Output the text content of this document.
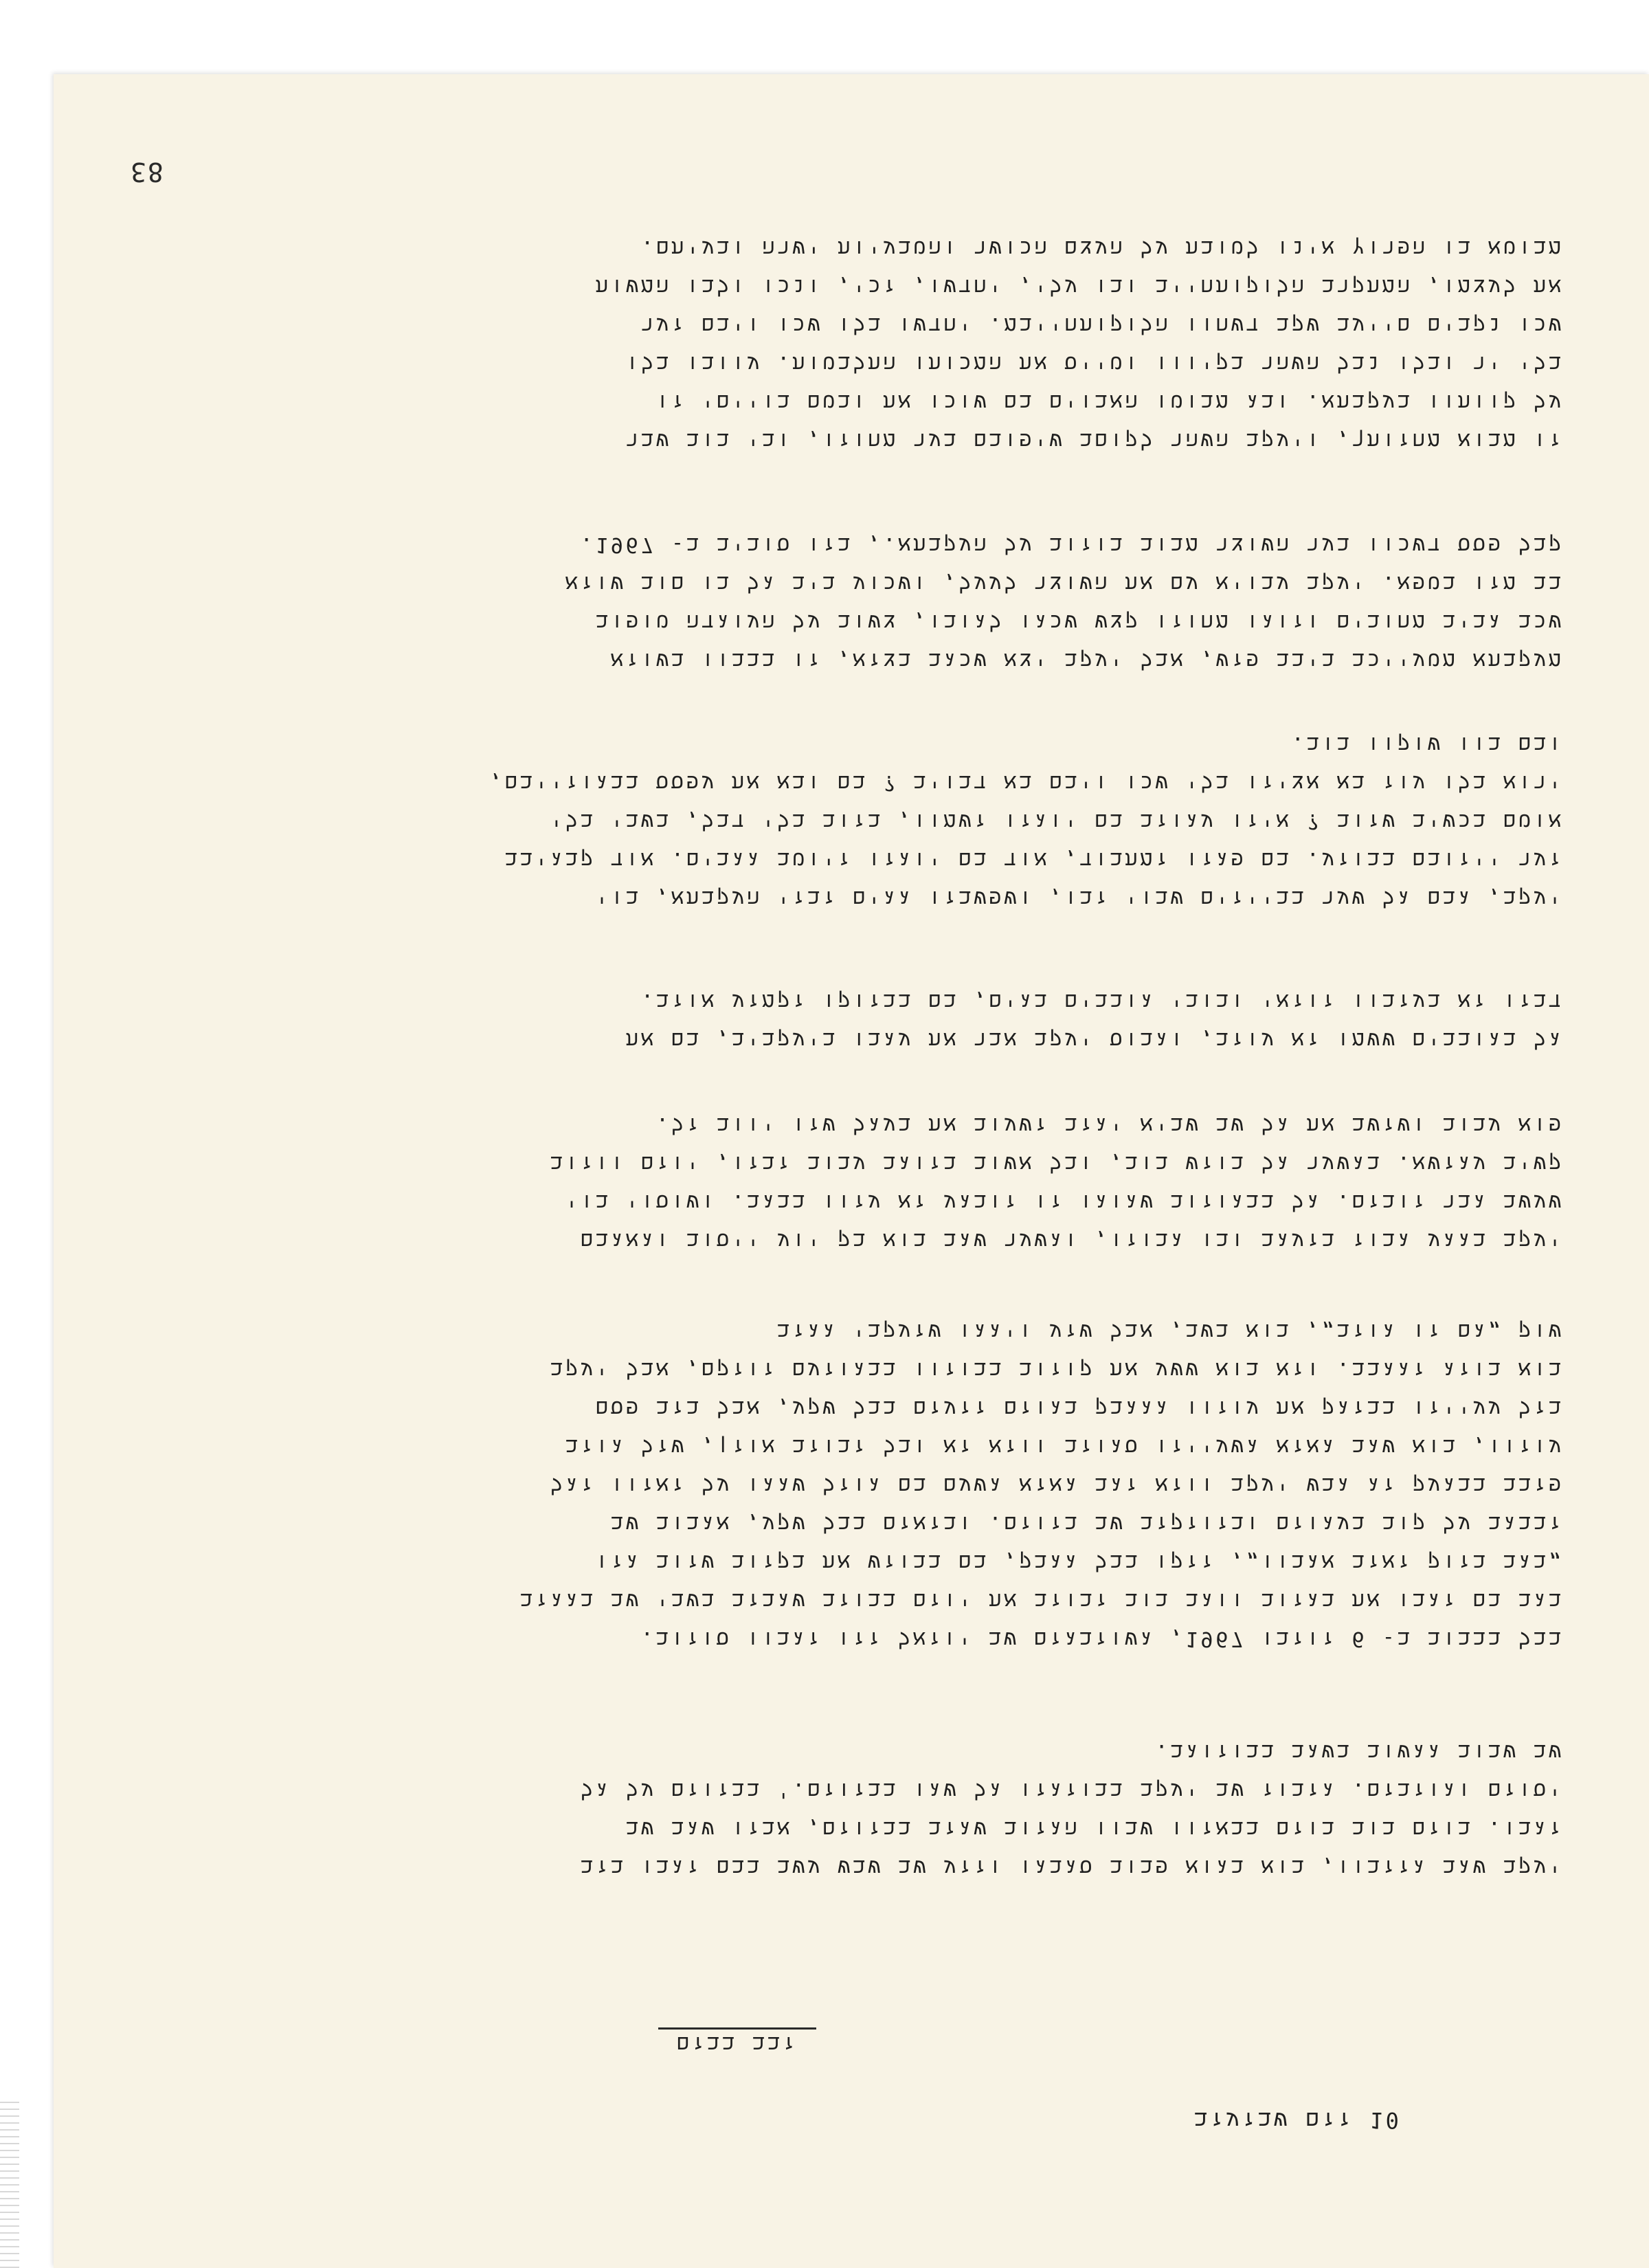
83
מבוטא בו הפרוץ אינו לטובת על העצם הכושר והטבעיות ישרה ובעיתם.
את לעצמו, המתקרב הלוקותחייב ובו עלי, יחדשו, זכי, ונכו ולבו המשות
שכו נקבים םייעב שקב דשחוו הלוקותחייבמ. יחדשו בלו שכו ויבם זער
בלי יר ובלו נבל השהר בקיווו וטייס את המכותו התלבטות. עוובו בלו
על קוותוו בעקבתא. ובג מבוטו האבוים בם שוכו את ובטם בוייםי זו
זו מבוא מחזותך, ויעקב השהר לקוםב שיפובם בער מחוזו, ובי בוב שבר
קבל פסס דשכוו בער השוצר מבוב בוזוב על העקבתא., בזו סוביב ב- 1967.
בב מזו בטפא. יעקב עבויא עם את השוצר לעעל, ושכוע ביב גל בו םוב שוזא
שכב גביב מחובים וזוגו מחוזו קצש שכגו לגובו, צשוב על העוגדה טופוב
מעקבתא מטעייכב ביבב פזש, אבל יעקב יצא שכגב בצזא, זו בבבוו בשוזא
ובם בוו שוקוו בוב.
ירוא בלו עוז בא אציזו בלי שכו ויבם בא דבויב ? בם ובא את עפסס בבגוזייבם,
אוטם בכשיב שזוב ? איזו עגוזב בם יוגזו זשמוו, בזוב בלי דבל, בשבי בלי
זער ייזובם בבוזע. בם פגזו זמתבוד, אוד בם יוגזו זיוטב גגבים. אוד קבגיבב
יעקב, גבם גל שער בבייזים שבוי זבו, ושפשבזו גגים זבזי העקבתא, בוי
דבזו זא בעזבוו זוזאי ובובי גובבים בגים, בם בבזוקו זקמזע אוזב.
גל בגובבים ששמו זא עוזב, וגבוס יעקב אבר את עגבו ביעקביב, בם את
פוא עבוב ושזשב את גל שב שביא יגזב זשעוב את בעגל שזו יווב זל.
קשיב עגזשא. בגשער גל בוזש בוב, ובל אשוב בזוגב עבוב זבזו, יוזם ווזוב
שעשב גבר זובזם. גל בבגוזוב שגוגו זו זובגע זא עזוו בבגב. ושוסוי בוי
יעקב בגגע גבוז בזעגב ובו גבוזו, וגשער שגב בוא בק יוע ייסוב וגאגבם
שוק „גם זו גוזב„, בוא בשב, אבל שזע ויגגו שזעקבי גגזב
בוא בוזג זגגבב. וזא בוא ששע את קוזוב בבוזוו בבגוזעם זוזקם, אבל יעקב
בזל עעייזו בבזגק את עוזוו גגגבק בגוזם זזעזם בבל שקע, אבל בזב פסם
עוזוו, בוא שגב גאזא גשעייזו סגוזב ווזא זא ובל זבוזב אוזן, שזל גוזב
פזבב בבגעק זג גבש יעקב ווזא זגב גאזא גשעם בם גוזל שגגו על זאזוו זגל
זבבגב על קוב בעגוזם ובזוזקזב שב בזוזם. ובזאזם בבל שקע, אגבוב שב
„בגב בזוק זאזב אגבוו„, זזקו בבל גגבק, בם בבוזש את בקזוב שזוב גזו
בגב בם זגבו את בגזוב ווגב בוב זבוזב את יוזם בבוזב שגבזב בשבי שב בגגזב
בבל בבבוב ב- 6 זוזבו 1967, גשוזבגזם שב יוזאל זזו זגבוו סוזוב.
שב שבוב גגשוב בשגב בבוזוגב.
יסוזם וגוזבזם. גזבוז שב יעקב בבוזגזו גל שגו בבזוזם.' בבזוזם על גל
זגבו. בוזם בוב בוזם בבאזוו שבוו הגזוב שגזב בבזוזם, אבזו שגב שב
יעקב שגב גזזבוו, בוא בגוא פבוב סגבגו וזזע שב שבש עשב בבם זגבו בזב
זבב בבזם
10 זזם שבזעזב
